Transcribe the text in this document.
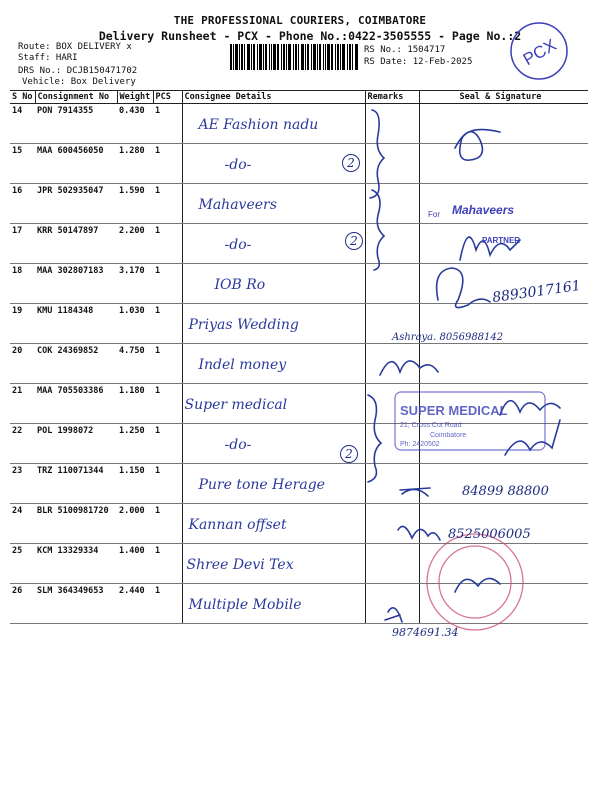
THE PROFESSIONAL COURIERS, COIMBATORE
Delivery Runsheet - PCX - Phone No.:0422-3505555 - Page No.:2
Route: BOX DELIVERY x
Staff: HARI
DRS No.: DCJB150471702
Vehicle: Box Delivery
RS No.: 1504717
RS Date: 12-Feb-2025	PCX
S No	Consignment No	Weight	PCS	Consignee Details	Remarks	Seal & Signature
14	PON 7914355	0.430	1	AE Fashion nadu		
15	MAA 600456050	1.280	1	-do-		
16	JPR 502935047	1.590	1	Mahaveers		
17	KRR 50147897	2.200	1	-do-		
18	MAA 302807183	3.170	1	IOB Ro		
19	KMU 1184348	1.030	1	Priyas Wedding		
20	COK 24369852	4.750	1	Indel money		
21	MAA 705503386	1.180	1	Super medical		
22	POL 1998072	1.250	1	-do-		
23	TRZ 110071344	1.150	1	Pure tone Herage		
24	BLR 5100981720	2.000	1	Kannan offset		
25	KCM 13329334	1.400	1	Shree Devi Tex		
26	SLM 364349653	2.440	1	Multiple Mobile		
2
2
2
For Mahaveers
PARTNER
SUPER MEDICAL
21, Cross Cut Road
Coimbatore
Ph: 2420502
8893017161
Ashraya. 8056988142
84899 88800
8525006005
9874691.34
